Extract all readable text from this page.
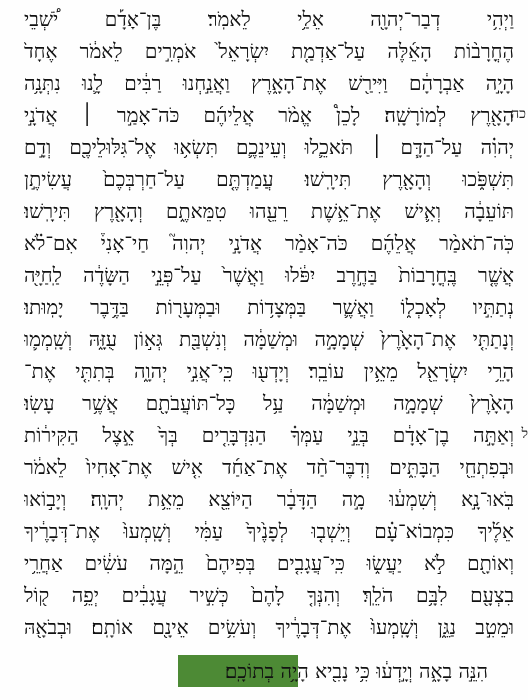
וַיְהִ֥י דְבַר־יְהוָ֖ה אֵלַ֥י לֵאמֹֽר׃ בֶּן־אָדָ֡ם יֹ֠שְׁבֵי
הֶחֳרָב֨וֹת הָאֵ֜לֶּה עַל־אַדְמַ֤ת יִשְׂרָאֵל֙ אֹמְרִ֣ים לֵאמֹ֔ר אֶחָד֙
הָיָ֣ה אַבְרָהָ֔ם וַיִּירַ֖שׁ אֶת־הָאָ֑רֶץ וַאֲנַ֣חְנוּ רַבִּ֔ים לָ֛נוּ נִתְּנָ֥ה
הָאָ֖רֶץ לְמוֹרָשָֽׁה׃ לָכֵן֩ אֱמֹ֨ר אֲלֵיהֶ֜ם כֹּה־אָמַ֣ר ׀ אֲדֹנָ֣י
יְהוִ֗ה עַל־הַדָּ֧ם ׀ תֹּאכֵ֛לוּ וְעֵינֵכֶ֛ם תִּשְׂא֥וּ אֶל־גִּלּוּלֵיכֶ֖ם וְדָ֣ם
תִּשְׁפֹּ֑כוּ וְהָאָ֖רֶץ תִּירָֽשׁוּ׃ עֲמַדְתֶּ֤ם עַל־חַרְבְּכֶם֙ עֲשִׂיתֶ֣ן
תּוֹעֵבָ֔ה וְאִ֛ישׁ אֶת־אֵ֥שֶׁת רֵעֵ֖הוּ טִמֵּאתֶ֑ם וְהָאָ֖רֶץ תִּירָֽשׁוּ׃
כֹּֽה־תֹאמַ֨ר אֲלֵהֶ֜ם כֹּה־אָמַ֨ר אֲדֹנָ֣י יְהוִה֮ חַי־אָנִי֒ אִם־לֹ֗א
אֲשֶׁ֤ר בֶּֽחֳרָבוֹת֙ בַּחֶ֣רֶב יִפֹּ֔לוּ וַאֲשֶׁר֙ עַל־פְּנֵ֣י הַשָּׂדֶ֔ה לַֽחַיָּ֖ה
נְתַתִּ֣יו לְאָכְל֑וֹ וַאֲשֶׁ֛ר בַּמְּצָד֥וֹת וּבַמְּעָר֖וֹת בַּדֶּ֥בֶר יָמֽוּתוּ׃
וְנָתַתִּ֤י אֶת־הָאָ֙רֶץ֙ שְׁמָמָ֣ה וּמְשַׁמָּ֔ה וְנִשְׁבַּ֖ת גְּא֣וֹן עֻזָּ֑הּ וְשָֽׁמְמ֛וּ
הָרֵ֥י יִשְׂרָאֵ֖ל מֵאֵ֥ין עוֹבֵֽר׃ וְיָדְע֖וּ כִּֽי־אֲנִ֣י יְהוָ֑ה בְּתִתִּ֤י אֶת־
הָאָ֙רֶץ֙ שְׁמָמָ֣ה וּמְשַׁמָּ֔ה עַ֥ל כָּל־תּוֹעֲבֹתָ֖ם אֲשֶׁ֥ר עָשֽׂוּ׃
וְאַתָּ֣ה בֶן־אָדָ֔ם בְּנֵ֣י עַמְּךָ֗ הַנִּדְבָּרִ֤ים בְּךָ֙ אֵ֣צֶל הַקִּיר֔וֹת
וּבְפִתְחֵ֖י הַבָּתִּ֑ים וְדִבֶּר־חַ֨ד אֶת־אַחַ֜ד אִ֤ישׁ אֶת־אָחִיו֙ לֵאמֹ֔ר
בֹּֽאוּ־נָ֣א וְשִׁמְע֔וּ מָ֣ה הַדָּבָ֔ר הַיּוֹצֵ֖א מֵאֵ֥ת יְהוָֽה׃ וְיָב֣וֹאוּ
אֵלֶ֜יךָ כִּמְבוֹא־עָ֗ם וְיֵשְׁב֤וּ לְפָנֶ֙יךָ֙ עַמִּ֔י וְשָֽׁמְעוּ֙ אֶת־דְּבָרֶ֔יךָ
וְאוֹתָ֖ם לֹ֣א יַעֲשׂ֑וּ כִּֽי־עֲגָבִ֤ים בְּפִיהֶם֙ הֵ֣מָּה עֹשִׂ֔ים אַחֲרֵ֥י
בִצְעָ֖ם לִבָּ֥ם הֹלֵֽךְ׃ וְהִנְּךָ֤ לָהֶם֙ כְּשִׁ֣יר עֲגָבִ֔ים יְפֵ֥ה ק֖וֹל
וּמֵטִ֣ב נַגֵּ֑ן וְשָֽׁמְעוּ֙ אֶת־דְּבָרֶ֔יךָ וְעֹשִׂ֥ים אֵינָ֖ם אוֹתָֽם׃ וּבְבֹאָ֖הּ
כה
ל
הִנֵּ֣ה בָאָ֑ה וְיָ֣דְע֔וּ כִּ֥י נָבִ֖יא הָיָ֥ה בְתוֹכָֽם׃
